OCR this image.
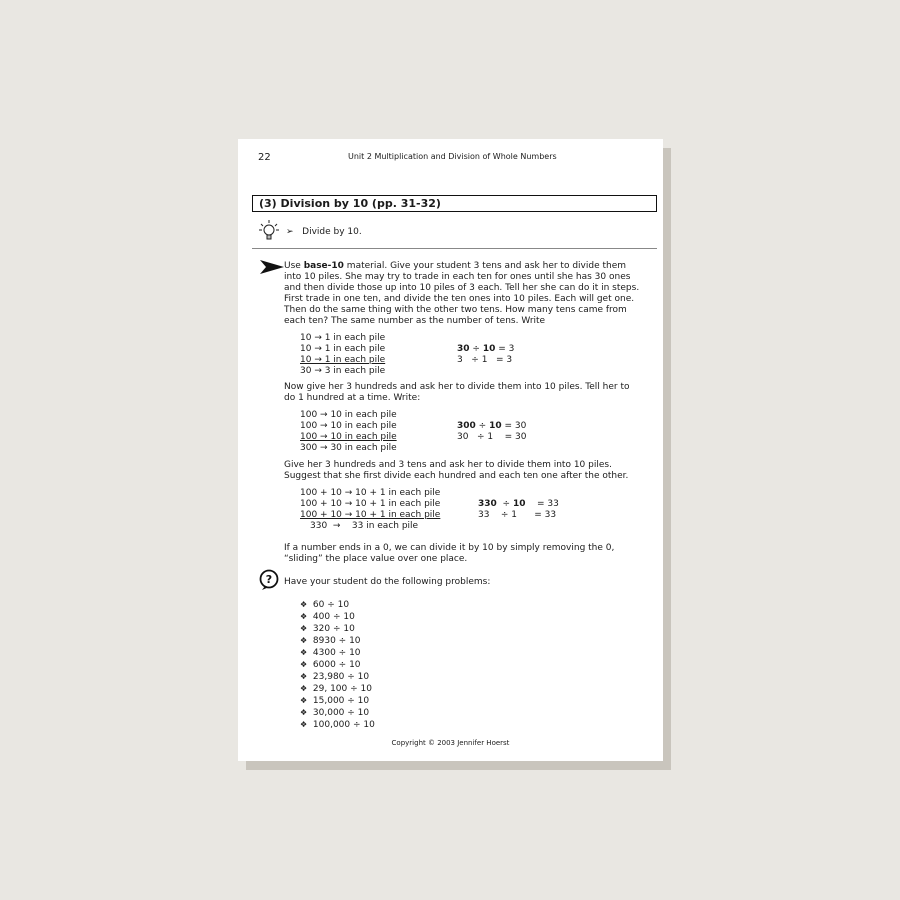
22	Unit 2 Multiplication and Division of Whole Numbers
(3) Division by 10 (pp. 31-32)
➢ Divide by 10.
Use base-10 material. Give your student 3 tens and ask her to divide them
into 10 piles. She may try to trade in each ten for ones until she has 30 ones
and then divide those up into 10 piles of 3 each. Tell her she can do it in steps.
First trade in one ten, and divide the ten ones into 10 piles. Each will get one.
Then do the same thing with the other two tens. How many tens came from
each ten? The same number as the number of tens. Write
10 → 1 in each pile
10 → 1 in each pile
10 → 1 in each pile
30 → 3 in each pile
30 ÷ 10 = 3
3   ÷ 1   = 3
Now give her 3 hundreds and ask her to divide them into 10 piles. Tell her to
do 1 hundred at a time. Write:
100 → 10 in each pile
100 → 10 in each pile
100 → 10 in each pile
300 → 30 in each pile
300 ÷ 10 = 30
30   ÷ 1    = 30
Give her 3 hundreds and 3 tens and ask her to divide them into 10 piles.
Suggest that she first divide each hundred and each ten one after the other.
100 + 10 → 10 + 1 in each pile
100 + 10 → 10 + 1 in each pile
100 + 10 → 10 + 1 in each pile
330  →    33 in each pile
330 ÷ 10 = 33
33 ÷ 1 = 33
If a number ends in a 0, we can divide it by 10 by simply removing the 0,
“sliding” the place value over one place.
? Have your student do the following problems:
❖ 60 ÷ 10
❖ 400 ÷ 10
❖ 320 ÷ 10
❖ 8930 ÷ 10
❖ 4300 ÷ 10
❖ 6000 ÷ 10
❖ 23,980 ÷ 10
❖ 29, 100 ÷ 10
❖ 15,000 ÷ 10
❖ 30,000 ÷ 10
❖ 100,000 ÷ 10
Copyright © 2003 Jennifer Hoerst
